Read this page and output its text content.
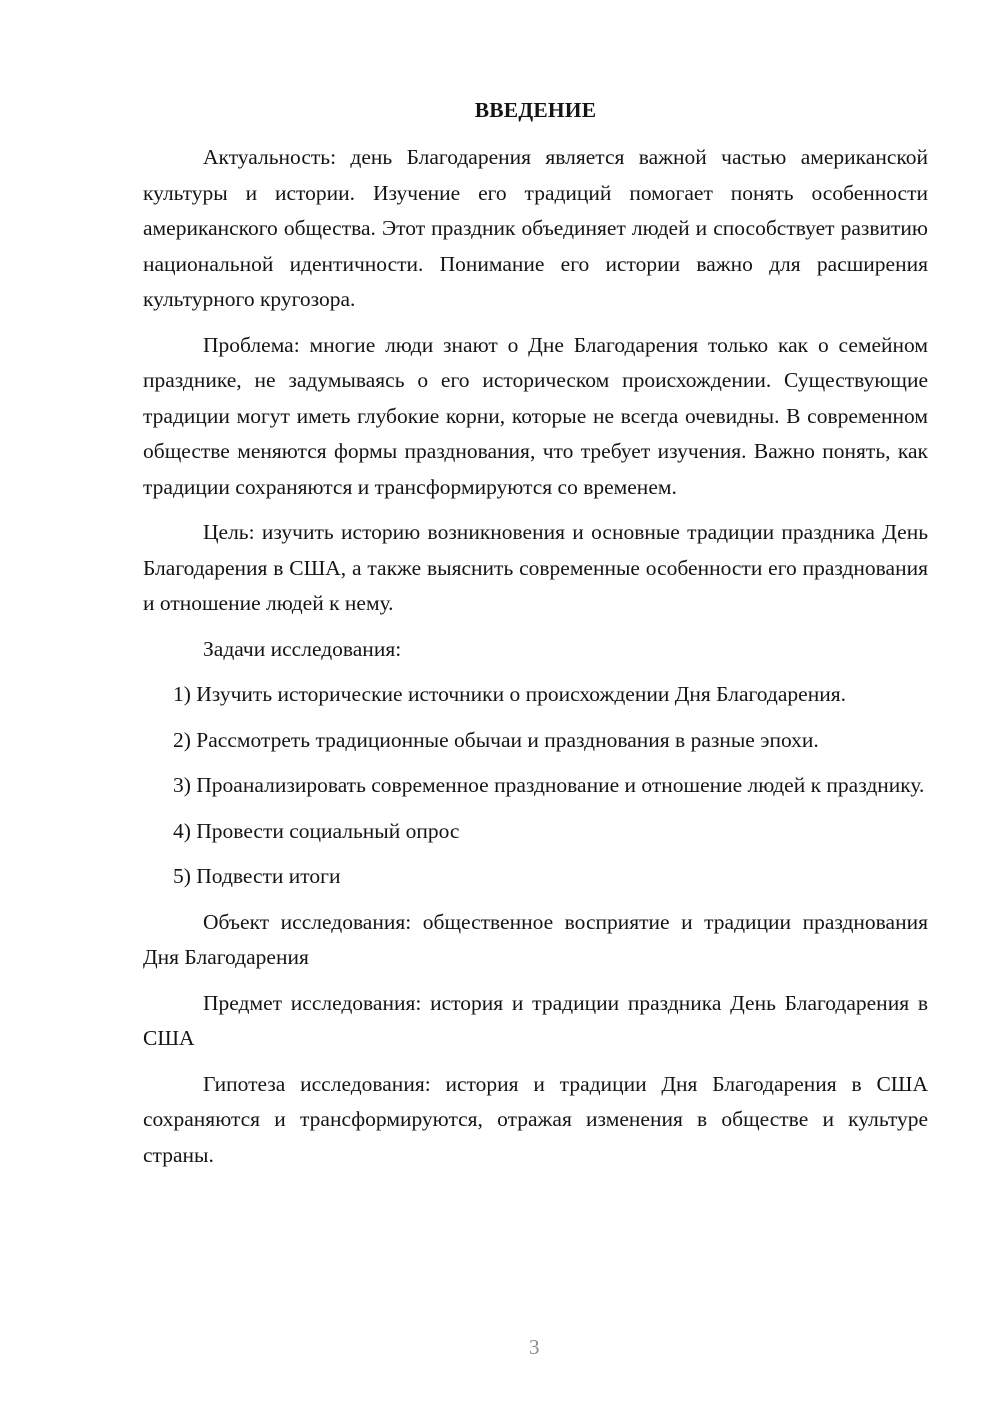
ВВЕДЕНИЕ

Актуальность: день Благодарения является важной частью американской культуры и истории. Изучение его традиций помогает понять особенности американского общества. Этот праздник объединяет людей и способствует развитию национальной идентичности. Понимание его истории важно для расширения культурного кругозора.

Проблема: многие люди знают о Дне Благодарения только как о семейном празднике, не задумываясь о его историческом происхождении. Существующие традиции могут иметь глубокие корни, которые не всегда очевидны. В современном обществе меняются формы празднования, что требует изучения. Важно понять, как традиции сохраняются и трансформируются со временем.

Цель: изучить историю возникновения и основные традиции праздника День Благодарения в США, а также выяснить современные особенности его празднования и отношение людей к нему.

Задачи исследования:

1) Изучить исторические источники о происхождении Дня Благодарения.

2) Рассмотреть традиционные обычаи и празднования в разные эпохи.

3) Проанализировать современное празднование и отношение людей к празднику.

4) Провести социальный опрос

5) Подвести итоги

Объект исследования: общественное восприятие и традиции празднования Дня Благодарения

Предмет исследования: история и традиции праздника День Благодарения в США

Гипотеза исследования: история и традиции Дня Благодарения в США сохраняются и трансформируются, отражая изменения в обществе и культуре страны.

3
